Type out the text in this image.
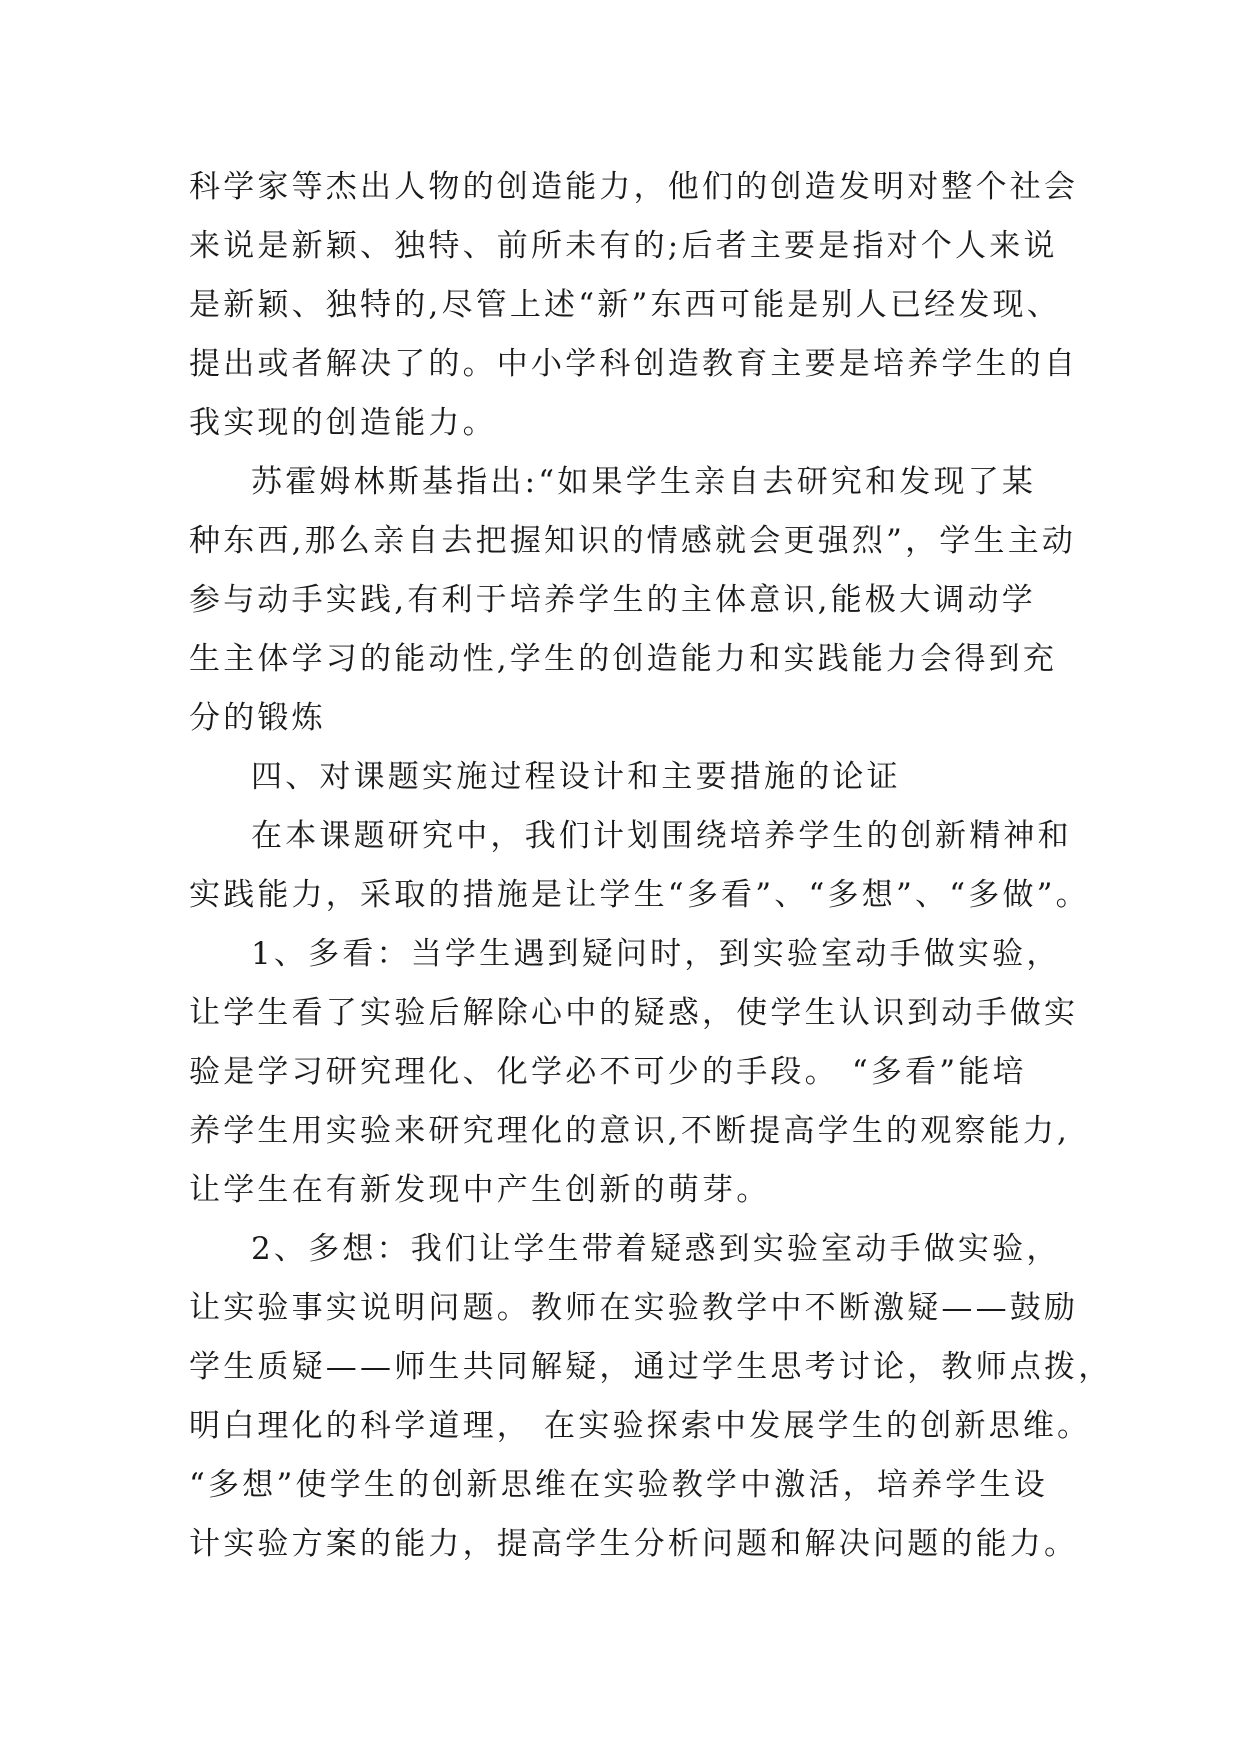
科学家等杰出人物的创造能力，他们的创造发明对整个社会
来说是新颖、独特、前所未有的;后者主要是指对个人来说
是新颖、独特的,尽管上述“新”东西可能是别人已经发现、
提出或者解决了的。中小学科创造教育主要是培养学生的自
我实现的创造能力。
苏霍姆林斯基指出:“如果学生亲自去研究和发现了某
种东西,那么亲自去把握知识的情感就会更强烈”，学生主动
参与动手实践,有利于培养学生的主体意识,能极大调动学
生主体学习的能动性,学生的创造能力和实践能力会得到充
分的锻炼
四、对课题实施过程设计和主要措施的论证
在本课题研究中，我们计划围绕培养学生的创新精神和
实践能力，采取的措施是让学生“多看”、“多想”、“多做”。
1、多看：当学生遇到疑问时，到实验室动手做实验，
让学生看了实验后解除心中的疑惑，使学生认识到动手做实
验是学习研究理化、化学必不可少的手段。 “多看”能培
养学生用实验来研究理化的意识,不断提高学生的观察能力,
让学生在有新发现中产生创新的萌芽。
2、多想：我们让学生带着疑惑到实验室动手做实验，
让实验事实说明问题。教师在实验教学中不断激疑——鼓励
学生质疑——师生共同解疑，通过学生思考讨论，教师点拨，
明白理化的科学道理， 在实验探索中发展学生的创新思维。
“多想”使学生的创新思维在实验教学中激活，培养学生设
计实验方案的能力，提高学生分析问题和解决问题的能力。
